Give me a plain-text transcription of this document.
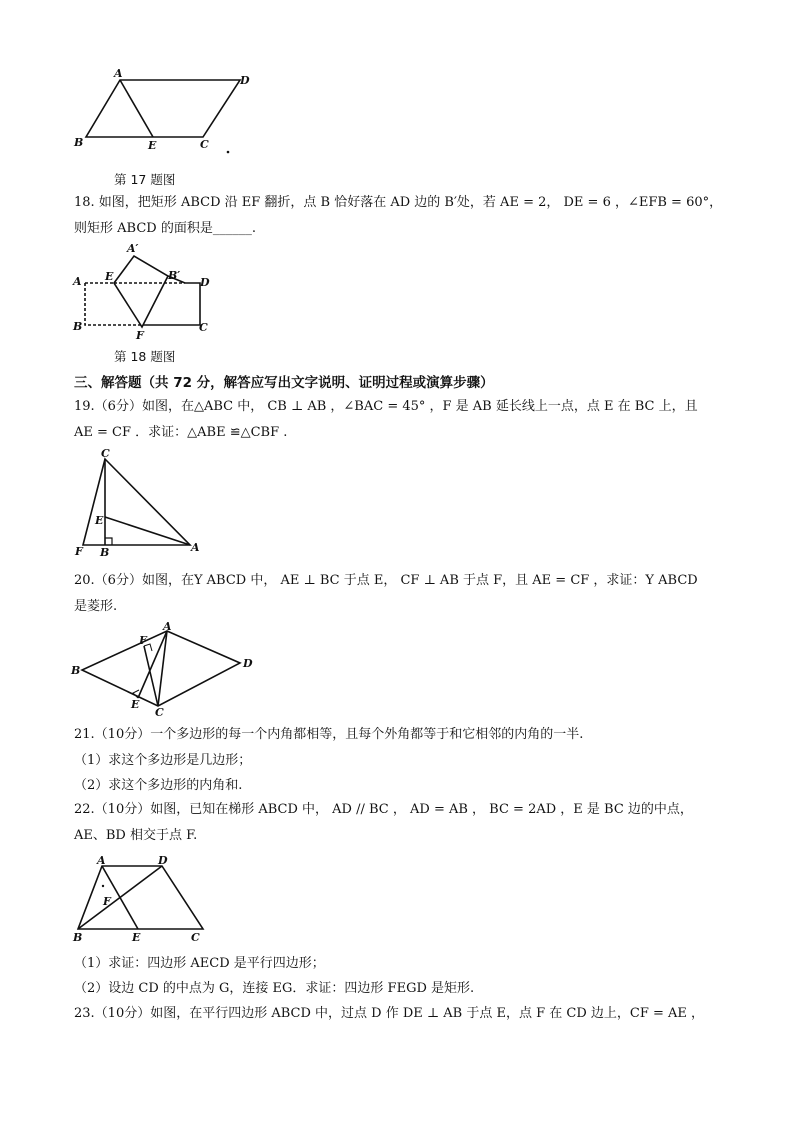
A
D
B	E	C
第 17 题图
18. 如图，把矩形 ABCD 沿 EF 翻折，点 B 恰好落在 AD 边的 B′处，若 AE = 2， DE = 6 ，∠EFB = 60°，
则矩形 ABCD 的面积是______.
A′
E	B′
D
A
B
F
C
第 18 题图
三、解答题（共 72 分，解答应写出文字说明、证明过程或演算步骤）
19.（6分）如图，在△ABC 中， CB ⊥ AB ，∠BAC = 45° ，F 是 AB 延长线上一点，点 E 在 BC 上，且
AE = CF ．求证：△ABE ≌△CBF .
C
E
F B	A
20.（6分）如图，在Y ABCD 中， AE ⊥ BC 于点 E， CF ⊥ AB 于点 F，且 AE = CF ，求证：Y ABCD
是菱形.
F
A
B
D
E
C
21.（10分）一个多边形的每一个内角都相等，且每个外角都等于和它相邻的内角的一半.
（1）求这个多边形是几边形；
（2）求这个多边形的内角和.
22.（10分）如图，已知在梯形 ABCD 中， AD // BC ， AD = AB ， BC = 2AD ，E 是 BC 边的中点，
AE、BD 相交于点 F.
A	D
F
B	E	C
（1）求证：四边形 AECD 是平行四边形；
（2）设边 CD 的中点为 G，连接 EG．求证：四边形 FEGD 是矩形.
23.（10分）如图，在平行四边形 ABCD 中，过点 D 作 DE ⊥ AB 于点 E，点 F 在 CD 边上，CF = AE ，
